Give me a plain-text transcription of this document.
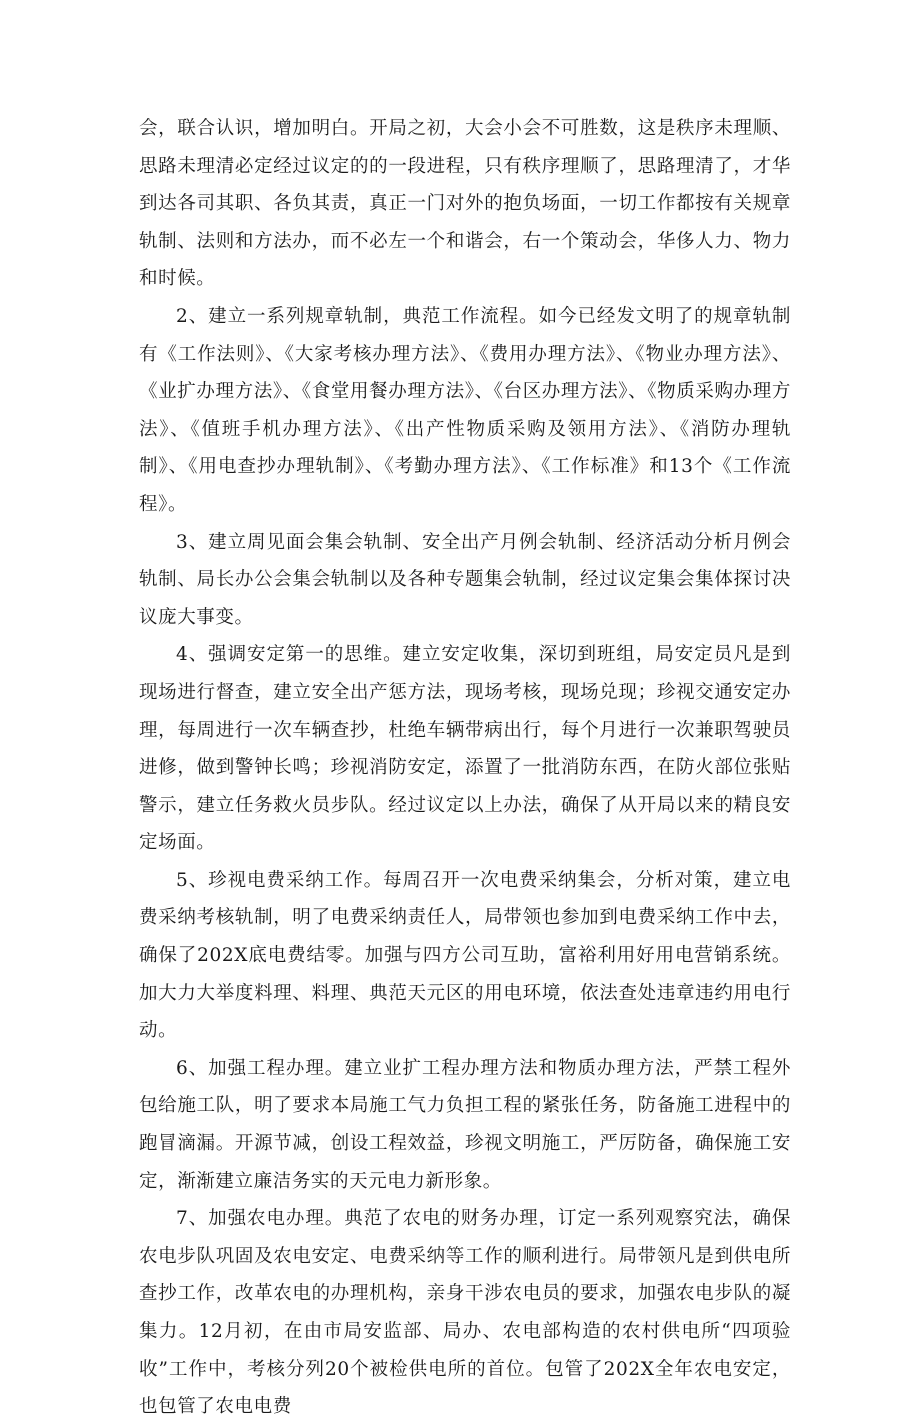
会，联合认识，增加明白。开局之初，大会小会不可胜数，这是秩序未理顺、思路未理清必定经过议定的的一段进程，只有秩序理顺了，思路理清了，才华到达各司其职、各负其责，真正一门对外的抱负场面，一切工作都按有关规章轨制、法则和方法办，而不必左一个和谐会，右一个策动会，华侈人力、物力和时候。

2、建立一系列规章轨制，典范工作流程。如今已经发文明了的规章轨制有《工作法则》、《大家考核办理方法》、《费用办理方法》、《物业办理方法》、《业扩办理方法》、《食堂用餐办理方法》、《台区办理方法》、《物质采购办理方法》、《值班手机办理方法》、《出产性物质采购及领用方法》、《消防办理轨制》、《用电查抄办理轨制》、《考勤办理方法》、《工作标准》和13个《工作流程》。

3、建立周见面会集会轨制、安全出产月例会轨制、经济活动分析月例会轨制、局长办公会集会轨制以及各种专题集会轨制，经过议定集会集体探讨决议庞大事变。

4、强调安定第一的思维。建立安定收集，深切到班组，局安定员凡是到现场进行督查，建立安全出产惩方法，现场考核，现场兑现；珍视交通安定办理，每周进行一次车辆查抄，杜绝车辆带病出行，每个月进行一次兼职驾驶员进修，做到警钟长鸣；珍视消防安定，添置了一批消防东西，在防火部位张贴警示，建立任务救火员步队。经过议定以上办法，确保了从开局以来的精良安定场面。

5、珍视电费采纳工作。每周召开一次电费采纳集会，分析对策，建立电费采纳考核轨制，明了电费采纳责任人，局带领也参加到电费采纳工作中去，确保了202X底电费结零。加强与四方公司互助，富裕利用好用电营销系统。加大力大举度料理、料理、典范天元区的用电环境，依法查处违章违约用电行动。

6、加强工程办理。建立业扩工程办理方法和物质办理方法，严禁工程外包给施工队，明了要求本局施工气力负担工程的紧张任务，防备施工进程中的跑冒滴漏。开源节减，创设工程效益，珍视文明施工，严厉防备，确保施工安定，渐渐建立廉洁务实的天元电力新形象。

7、加强农电办理。典范了农电的财务办理，订定一系列观察究法，确保农电步队巩固及农电安定、电费采纳等工作的顺利进行。局带领凡是到供电所查抄工作，改革农电的办理机构，亲身干涉农电员的要求，加强农电步队的凝集力。12月初，在由市局安监部、局办、农电部构造的农村供电所“四项验收”工作中，考核分列20个被检供电所的首位。包管了202X全年农电安定，也包管了农电电费
